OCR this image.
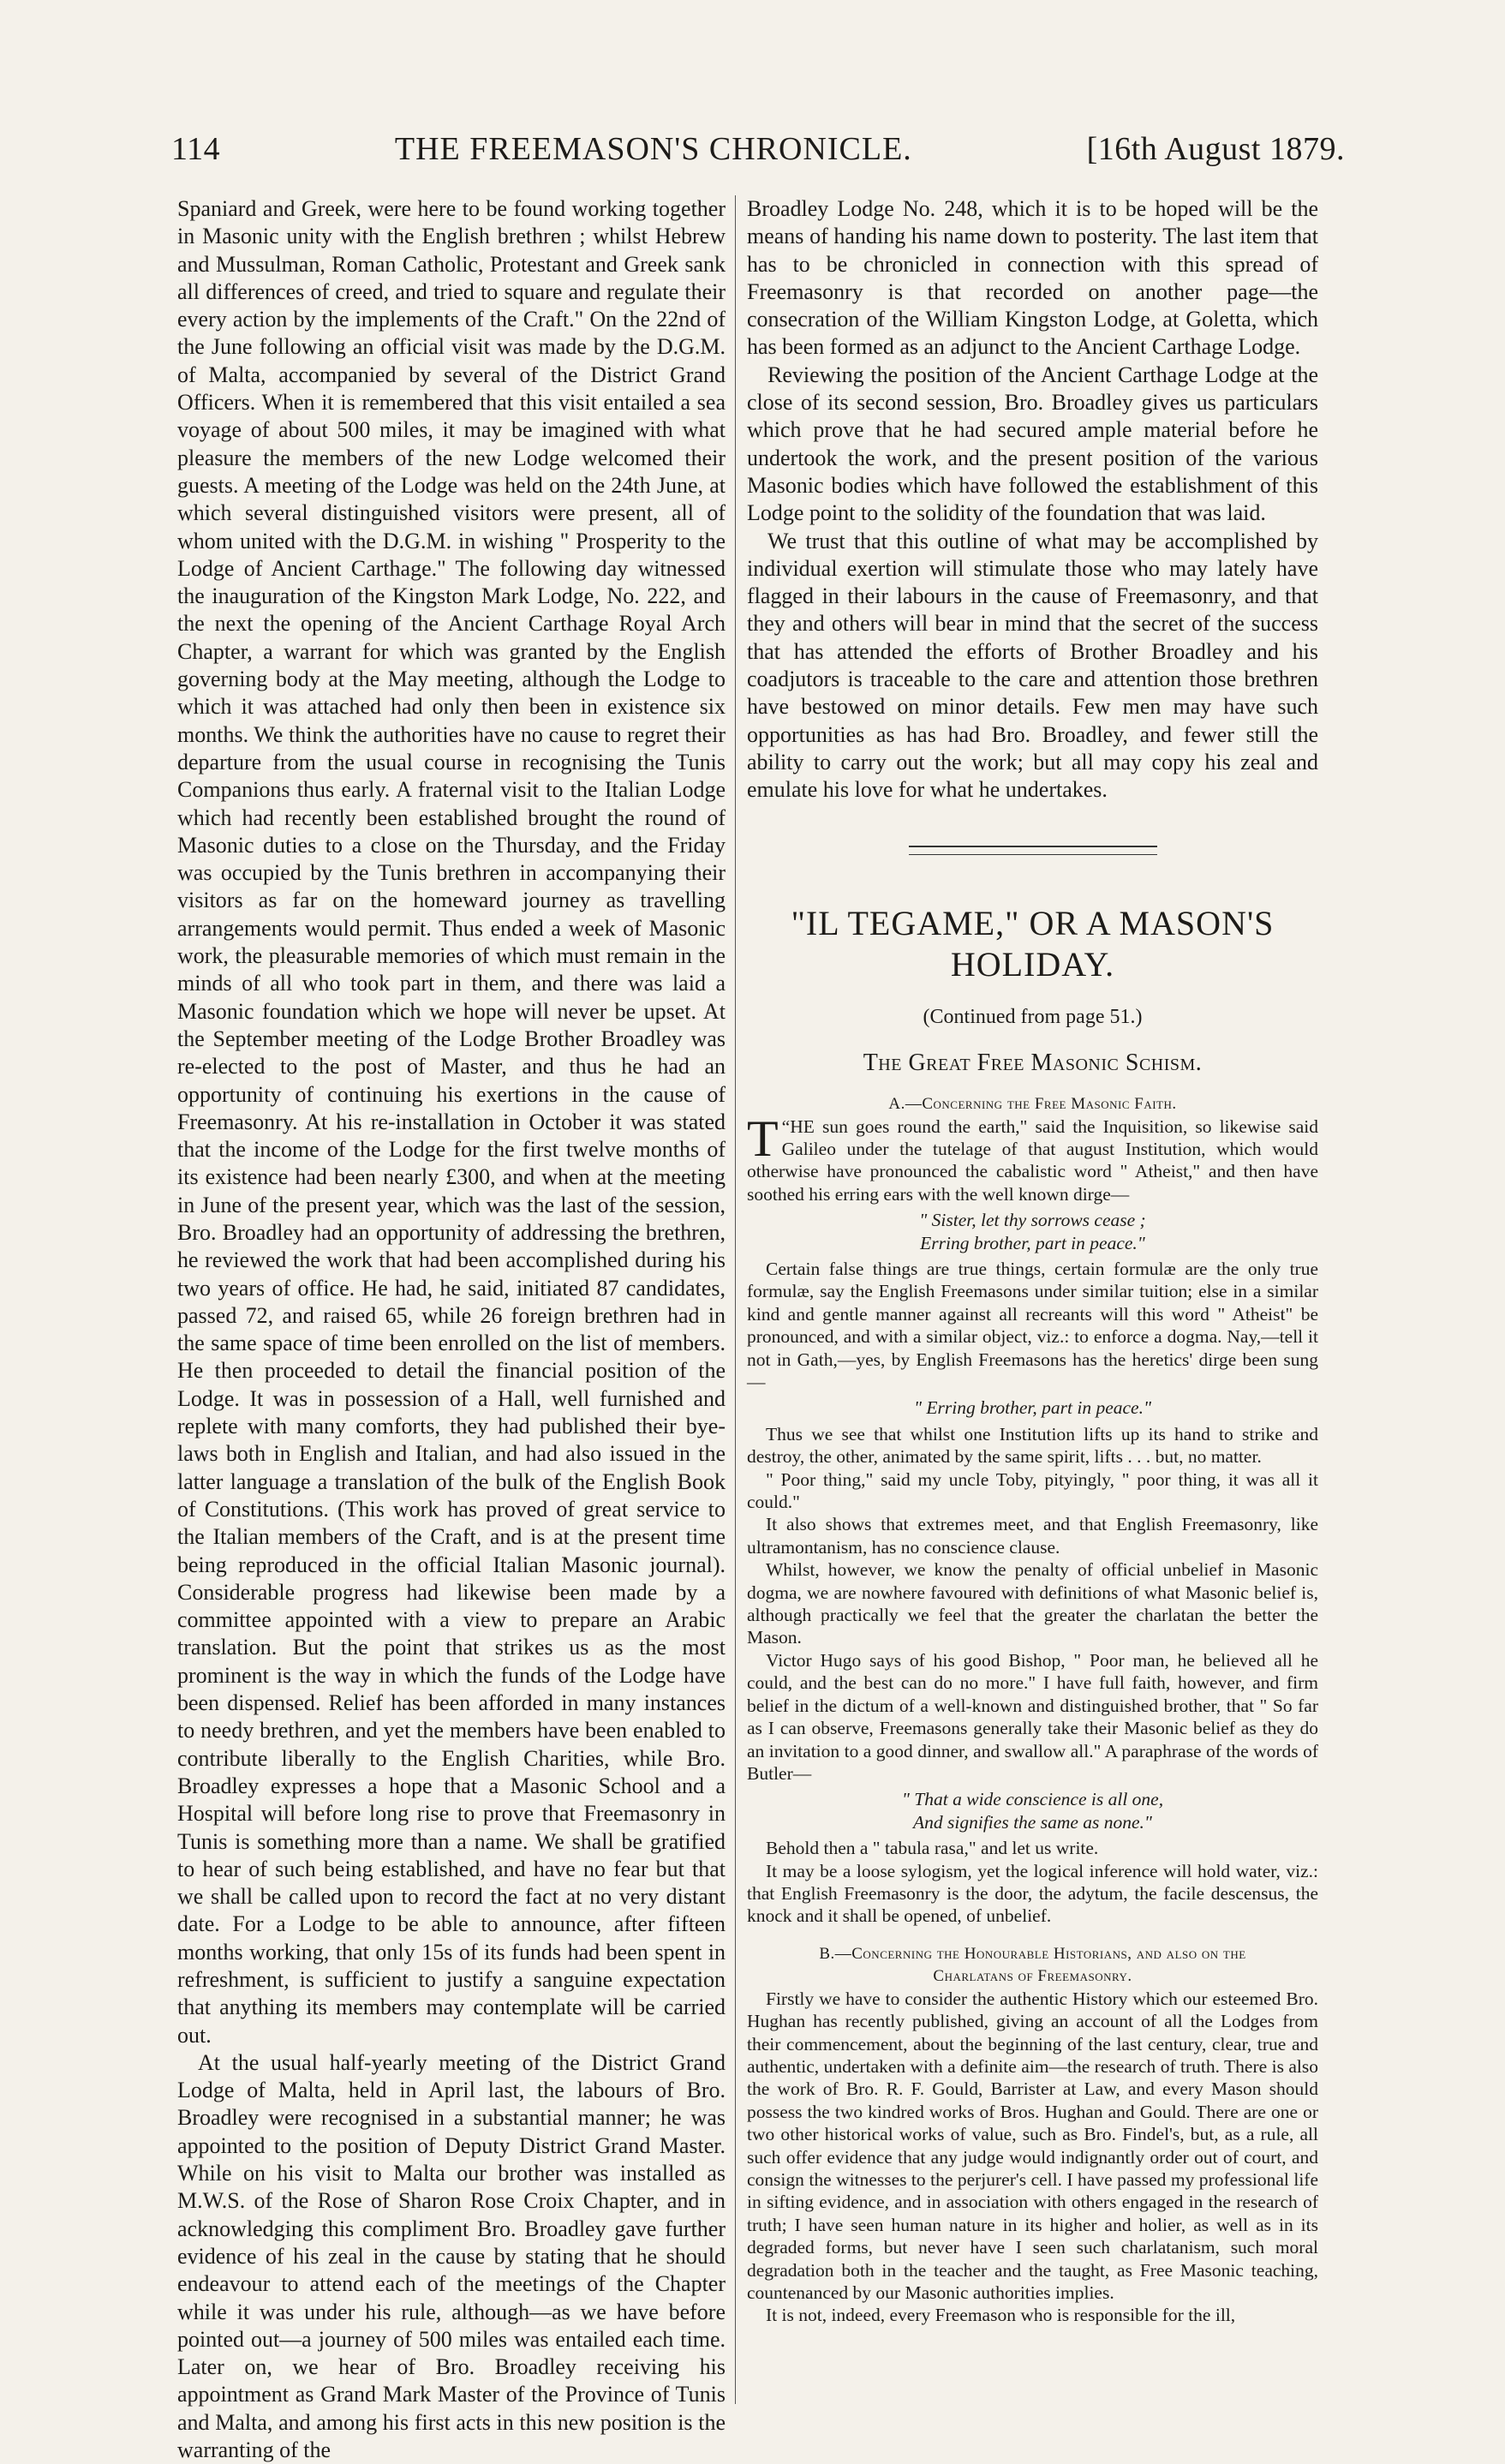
114	THE FREEMASON'S CHRONICLE.	[16th August 1879.

Spaniard and Greek, were here to be found working together in Masonic unity with the English brethren ; whilst Hebrew and Mussulman, Roman Catholic, Protestant and Greek sank all differences of creed, and tried to square and regulate their every action by the implements of the Craft." On the 22nd of the June following an official visit was made by the D.G.M. of Malta, accompanied by several of the District Grand Officers. When it is remembered that this visit entailed a sea voyage of about 500 miles, it may be imagined with what pleasure the members of the new Lodge welcomed their guests. A meeting of the Lodge was held on the 24th June, at which several distinguished visitors were present, all of whom united with the D.G.M. in wishing " Prosperity to the Lodge of Ancient Carthage." The following day witnessed the inauguration of the Kingston Mark Lodge, No. 222, and the next the opening of the Ancient Carthage Royal Arch Chapter, a warrant for which was granted by the English governing body at the May meeting, although the Lodge to which it was attached had only then been in existence six months. We think the authorities have no cause to regret their departure from the usual course in recognising the Tunis Companions thus early. A fraternal visit to the Italian Lodge which had recently been established brought the round of Masonic duties to a close on the Thursday, and the Friday was occupied by the Tunis brethren in accompanying their visitors as far on the homeward journey as travelling arrangements would permit. Thus ended a week of Masonic work, the pleasurable memories of which must remain in the minds of all who took part in them, and there was laid a Masonic foundation which we hope will never be upset. At the September meeting of the Lodge Brother Broadley was re-elected to the post of Master, and thus he had an opportunity of continuing his exertions in the cause of Freemasonry. At his re-installation in October it was stated that the income of the Lodge for the first twelve months of its existence had been nearly £300, and when at the meeting in June of the present year, which was the last of the session, Bro. Broadley had an opportunity of addressing the brethren, he reviewed the work that had been accomplished during his two years of office. He had, he said, initiated 87 candidates, passed 72, and raised 65, while 26 foreign brethren had in the same space of time been enrolled on the list of members. He then proceeded to detail the financial position of the Lodge. It was in possession of a Hall, well furnished and replete with many comforts, they had published their bye-laws both in English and Italian, and had also issued in the latter language a translation of the bulk of the English Book of Constitutions. (This work has proved of great service to the Italian members of the Craft, and is at the present time being reproduced in the official Italian Masonic journal). Considerable progress had likewise been made by a committee appointed with a view to prepare an Arabic translation. But the point that strikes us as the most prominent is the way in which the funds of the Lodge have been dispensed. Relief has been afforded in many instances to needy brethren, and yet the members have been enabled to contribute liberally to the English Charities, while Bro. Broadley expresses a hope that a Masonic School and a Hospital will before long rise to prove that Freemasonry in Tunis is something more than a name. We shall be gratified to hear of such being established, and have no fear but that we shall be called upon to record the fact at no very distant date. For a Lodge to be able to announce, after fifteen months working, that only 15s of its funds had been spent in refreshment, is sufficient to justify a sanguine expectation that anything its members may contemplate will be carried out.

At the usual half-yearly meeting of the District Grand Lodge of Malta, held in April last, the labours of Bro. Broadley were recognised in a substantial manner; he was appointed to the position of Deputy District Grand Master. While on his visit to Malta our brother was installed as M.W.S. of the Rose of Sharon Rose Croix Chapter, and in acknowledging this compliment Bro. Broadley gave further evidence of his zeal in the cause by stating that he should endeavour to attend each of the meetings of the Chapter while it was under his rule, although—as we have before pointed out—a journey of 500 miles was entailed each time. Later on, we hear of Bro. Broadley receiving his appointment as Grand Mark Master of the Province of Tunis and Malta, and among his first acts in this new position is the warranting of the

Broadley Lodge No. 248, which it is to be hoped will be the means of handing his name down to posterity. The last item that has to be chronicled in connection with this spread of Freemasonry is that recorded on another page—the consecration of the William Kingston Lodge, at Goletta, which has been formed as an adjunct to the Ancient Carthage Lodge.

Reviewing the position of the Ancient Carthage Lodge at the close of its second session, Bro. Broadley gives us particulars which prove that he had secured ample material before he undertook the work, and the present position of the various Masonic bodies which have followed the establishment of this Lodge point to the solidity of the foundation that was laid.

We trust that this outline of what may be accomplished by individual exertion will stimulate those who may lately have flagged in their labours in the cause of Freemasonry, and that they and others will bear in mind that the secret of the success that has attended the efforts of Brother Broadley and his coadjutors is traceable to the care and attention those brethren have bestowed on minor details. Few men may have such opportunities as has had Bro. Broadley, and fewer still the ability to carry out the work; but all may copy his zeal and emulate his love for what he undertakes.

"IL TEGAME," OR A MASON'S
HOLIDAY.
(Continued from page 51.)
The Great Free Masonic Schism.
A.—Concerning the Free Masonic Faith.

T “HE sun goes round the earth," said the Inquisition, so likewise said Galileo under the tutelage of that august Institution, which would otherwise have pronounced the cabalistic word " Atheist," and then have soothed his erring ears with the well known dirge—

" Sister, let thy sorrows cease ;
Erring brother, part in peace."

Certain false things are true things, certain formulæ are the only true formulæ, say the English Freemasons under similar tuition; else in a similar kind and gentle manner against all recreants will this word " Atheist" be pronounced, and with a similar object, viz.: to enforce a dogma. Nay,—tell it not in Gath,—yes, by English Freemasons has the heretics' dirge been sung—

" Erring brother, part in peace."

Thus we see that whilst one Institution lifts up its hand to strike and destroy, the other, animated by the same spirit, lifts . . . but, no matter.

" Poor thing," said my uncle Toby, pityingly, " poor thing, it was all it could."

It also shows that extremes meet, and that English Freemasonry, like ultramontanism, has no conscience clause.

Whilst, however, we know the penalty of official unbelief in Masonic dogma, we are nowhere favoured with definitions of what Masonic belief is, although practically we feel that the greater the charlatan the better the Mason.

Victor Hugo says of his good Bishop, " Poor man, he believed all he could, and the best can do no more." I have full faith, however, and firm belief in the dictum of a well-known and distinguished brother, that " So far as I can observe, Freemasons generally take their Masonic belief as they do an invitation to a good dinner, and swallow all." A paraphrase of the words of Butler—

" That a wide conscience is all one,
And signifies the same as none."

Behold then a " tabula rasa," and let us write.

It may be a loose sylogism, yet the logical inference will hold water, viz.: that English Freemasonry is the door, the adytum, the facile descensus, the knock and it shall be opened, of unbelief.

B.—Concerning the Honourable Historians, and also on the
Charlatans of Freemasonry.

Firstly we have to consider the authentic History which our esteemed Bro. Hughan has recently published, giving an account of all the Lodges from their commencement, about the beginning of the last century, clear, true and authentic, undertaken with a definite aim—the research of truth. There is also the work of Bro. R. F. Gould, Barrister at Law, and every Mason should possess the two kindred works of Bros. Hughan and Gould. There are one or two other historical works of value, such as Bro. Findel's, but, as a rule, all such offer evidence that any judge would indignantly order out of court, and consign the witnesses to the perjurer's cell. I have passed my professional life in sifting evidence, and in association with others engaged in the research of truth; I have seen human nature in its higher and holier, as well as in its degraded forms, but never have I seen such charlatanism, such moral degradation both in the teacher and the taught, as Free Masonic teaching, countenanced by our Masonic authorities implies.

It is not, indeed, every Freemason who is responsible for the ill,
